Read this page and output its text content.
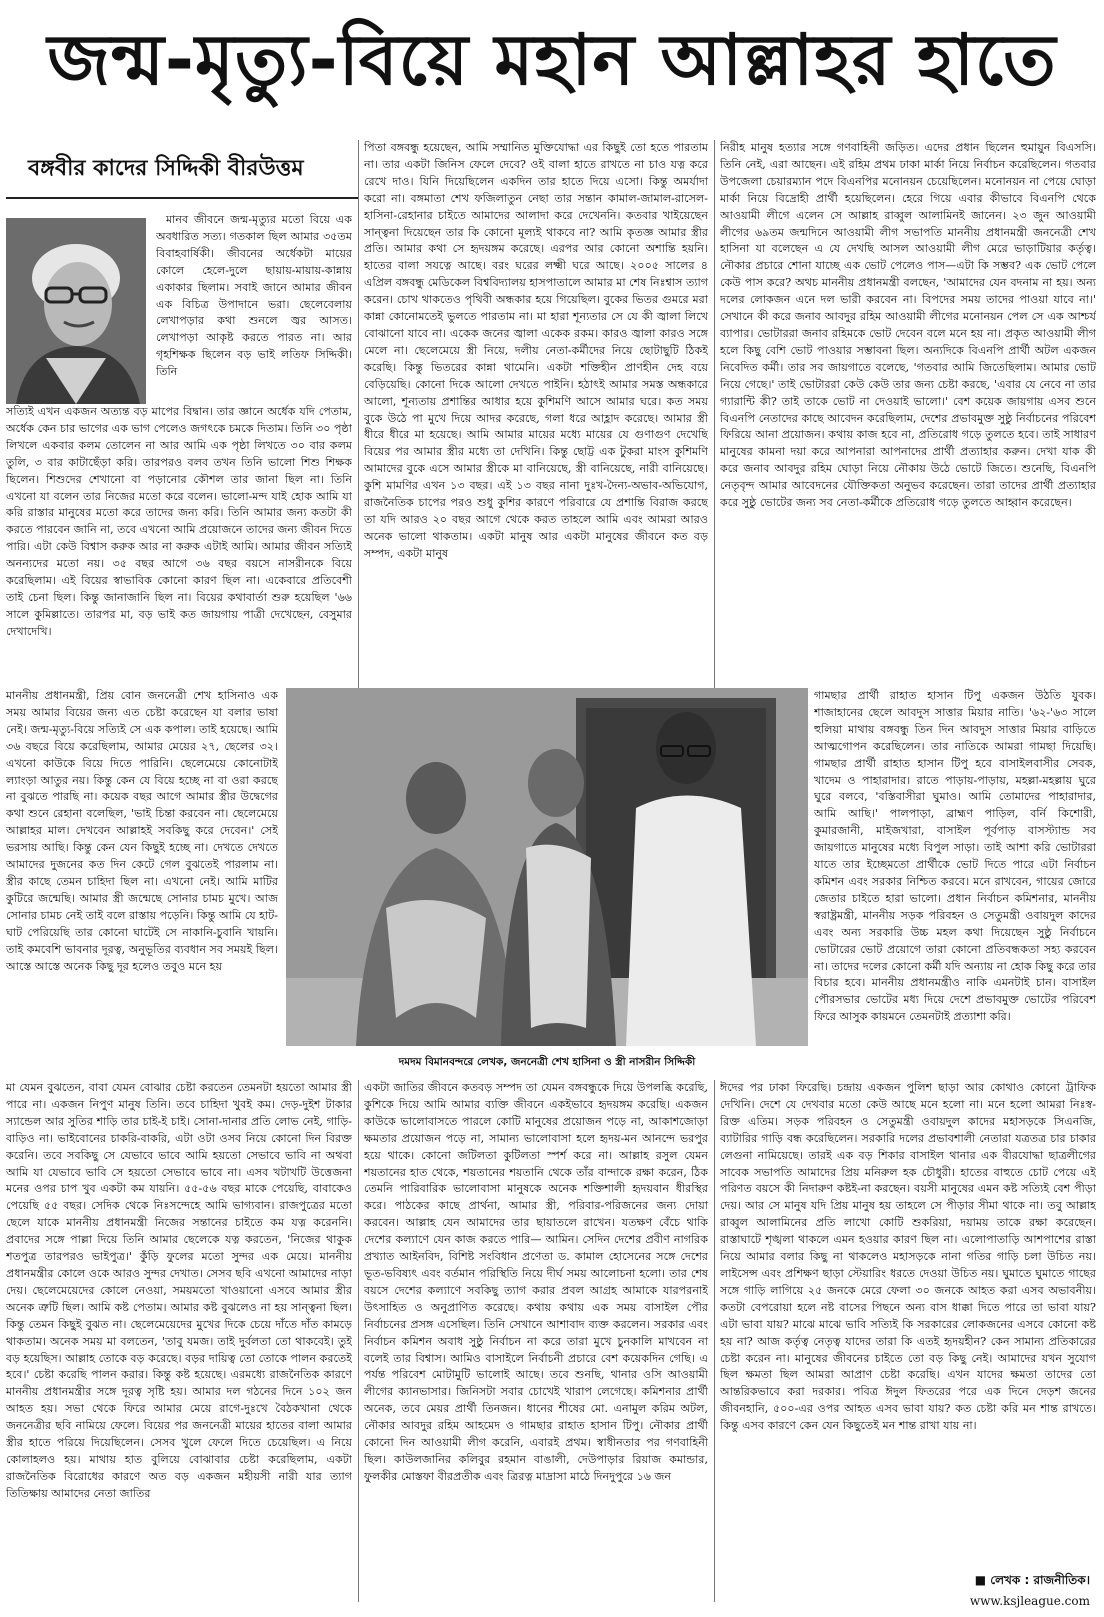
জন্ম-মৃত্যু-বিয়ে মহান আল্লাহর হাতে
বঙ্গবীর কাদের সিদ্দিকী বীরউত্তম
দমদম বিমানবন্দরে লেখক, জননেত্রী শেখ হাসিনা ও স্ত্রী নাসরীন সিদ্দিকী

মানব জীবনে জন্ম-মৃত্যুর মতো বিয়ে এক অবধারিত সত্য। গতকাল ছিল আমার ৩৫তম বিবাহবার্ষিকী। জীবনের অর্ধেকটা মায়ের কোলে হেলে-দুলে ছায়ায়-মায়ায়-কান্নায় একাকার ছিলাম। সবাই জানে আমার জীবন এক বিচিত্র উপাদানে ভরা। ছেলেবেলায় লেখাপড়ার কথা শুনলে জ্বর আসত। লেখাপড়া আকৃষ্ট করতে পারত না। আর গৃহশিক্ষক ছিলেন বড় ভাই লতিফ সিদ্দিকী। তিনি

সত্যিই এখন একজন অত্যন্ত বড় মাপের বিদ্বান। তার জ্ঞানে অর্ধেক যদি পেতাম, অর্ধেক কেন চার ভাগের এক ভাগ পেলেও জগৎকে চমকে দিতাম। তিনি ৩০ পৃষ্ঠা লিখলে একবার কলম তোলেন না আর আমি এক পৃষ্ঠা লিখতে ৩০ বার কলম তুলি, ৩ বার কাটাছেঁড়া করি। তারপরও বলব তখন তিনি ভালো শিশু শিক্ষক ছিলেন। শিশুদের শেখানো বা পড়ানোর কৌশল তার জানা ছিল না। তিনি এখনো যা বলেন তার নিজের মতো করে বলেন। ভালো-মন্দ যাই হোক আমি যা করি রাস্তার মানুষের মতো করে তাদের জন্য করি। তিনি আমার জন্য কতটা কী করতে পারবেন জানি না, তবে এখনো আমি প্রয়োজনে তাদের জন্য জীবন দিতে পারি। এটা কেউ বিশ্বাস করুক আর না করুক এটাই আমি। আমার জীবন সত্যিই অনন্যদের মতো নয়। ৩৫ বছর আগে ৩৬ বছর বয়সে নাসরীনকে বিয়ে করেছিলাম। এই বিয়ের স্বাভাবিক কোনো কারণ ছিল না। একেবারে প্রতিবেশী তাই চেনা ছিল। কিন্তু জানাজানি ছিল না। বিয়ের কথাবার্তা শুরু হয়েছিল '৬৬ সালে কুমিল্লাতে। তারপর মা, বড় ভাই কত জায়গায় পাত্রী দেখেছেন, বেসুমার দেখাদেখি।

মাননীয় প্রধানমন্ত্রী, প্রিয় বোন জননেত্রী শেখ হাসিনাও এক সময় আমার বিয়ের জন্য এত চেষ্টা করেছেন যা বলার ভাষা নেই। জন্ম-মৃত্যু-বিয়ে সত্যিই সে এক কপাল। তাই হয়েছে। আমি ৩৬ বছরে বিয়ে করেছিলাম, আমার মেয়ের ২৭, ছেলের ৩২। এখনো কাউকে বিয়ে দিতে পারিনি। ছেলেমেয়ে কোনোটাই ল্যাংড়া আতুর নয়। কিন্তু কেন যে বিয়ে হচ্ছে না বা ওরা করছে না বুঝতে পারছি না। কয়েক বছর আগে আমার স্ত্রীর উদ্বেগের কথা শুনে রেহানা বলেছিল, 'ভাই চিন্তা করবেন না। ছেলেমেয়ে আল্লাহর মাল। দেখবেন আল্লাহই সবকিছু করে দেবেন।' সেই ভরসায় আছি। কিন্তু কেন যেন কিছুই হচ্ছে না। দেখতে দেখতে আমাদের দুজনের কত দিন কেটে গেল বুঝতেই পারলাম না। স্ত্রীর কাছে তেমন চাহিদা ছিল না। এখনো নেই। আমি মাটির কুটিরে জন্মেছি। আমার স্ত্রী জন্মেছে সোনার চামচ মুখে। আজ সোনার চামচ নেই তাই বলে রাস্তায় পড়েনি। কিন্তু আমি যে হাট-ঘাট পেরিয়েছি তার কোনো ঘাটেই সে নাকানি-চুবানি খায়নি। তাই কমবেশি ভাবনার দূরত্ব, অনুভূতির ব্যবধান সব সময়ই ছিল। আস্তে আস্তে অনেক কিছু দূর হলেও তবুও মনে হয়

মা যেমন বুঝতেন, বাবা যেমন বোঝার চেষ্টা করতেন তেমনটা হয়তো আমার স্ত্রী পারে না। একজন নিপুণ মানুষ তিনি। তবে চাহিদা খুবই কম। দেড়-দুইশ টাকার স্যান্ডেল আর সুতির শাড়ি তার চাই-ই চাই। সোনা-দানার প্রতি লোভ নেই, গাড়ি-বাড়িও না। ভাইবোনের চাকরি-বাকরি, এটা ওটা ওসব নিয়ে কোনো দিন বিরক্ত করেনি। তবে সবকিছু সে যেভাবে ভাবে আমি হয়তো সেভাবে ভাবি না অথবা আমি যা যেভাবে ভাবি সে হয়তো সেভাবে ভাবে না। এসব খটাখটি উত্তেজনা মনের ওপর চাপ খুব একটা কম যায়নি। ৫৫-৫৬ বছর মাকে পেয়েছি, বাবাকেও পেয়েছি ৫৫ বছর। সেদিক থেকে নিঃসন্দেহে আমি ভাগ্যবান। রাজপুত্রের মতো ছেলে যাকে মাননীয় প্রধানমন্ত্রী নিজের সন্তানের চাইতে কম যত্ন করেননি। প্রবাদের সঙ্গে পাল্লা দিয়ে তিনি আমার ছেলেকে যত্ন করতেন, 'নিজের থাকুক শতপুত্র তারপরও ভাইপুত্র।' কুঁড়ি ফুলের মতো সুন্দর এক মেয়ে। মাননীয় প্রধানমন্ত্রীর কোলে ওকে আরও সুন্দর দেখাত। সেসব ছবি এখনো আমাদের নাড়া দেয়। ছেলেমেয়েদের কোলে নেওয়া, সময়মতো খাওয়ানো এসবে আমার স্ত্রীর অনেক ত্রুটি ছিল। আমি কষ্ট পেতাম। আমার কষ্ট বুঝলেও না হয় সান্ত্বনা ছিল। কিন্তু তেমন কিছুই বুঝত না। ছেলেমেয়েদের মুখের দিকে চেয়ে দাঁতে দাঁত কামড়ে থাকতাম। অনেক সময় মা বলতেন, 'তাবু যমজ। তাই দুর্বলতা তো থাকবেই। তুই বড় হয়েছিস। আল্লাহ তোকে বড় করেছে। বড়র দায়িত্ব তো তোকে পালন করতেই হবে।' চেষ্টা করেছি পালন করার। কিন্তু কষ্ট হয়েছে। এরমধ্যে রাজনৈতিক কারণে মাননীয় প্রধানমন্ত্রীর সঙ্গে দূরত্ব সৃষ্টি হয়। আমার দল গঠনের দিনে ১০২ জন আহত হয়। সভা থেকে ফিরে আমার মেয়ে রাগে-দুঃখে বৈঠকখানা থেকে জননেত্রীর ছবি নামিয়ে ফেলে। বিয়ের পর জননেত্রী মায়ের হাতের বালা আমার স্ত্রীর হাতে পরিয়ে দিয়েছিলেন। সেসব খুলে ফেলে দিতে চেয়েছিল। এ নিয়ে কোলাহলও হয়। মাথায় হাত বুলিয়ে বোঝাবার চেষ্টা করেছিলাম, একটা রাজনৈতিক বিরোধের কারণে অত বড় একজন মহীয়সী নারী যার ত্যাগ তিতিক্ষায় আমাদের নেতা জাতির

পিতা বঙ্গবন্ধু হয়েছেন, আমি সম্মানিত মুক্তিযোদ্ধা এর কিছুই তো হতে পারতাম না। তার একটা জিনিস ফেলে দেবে? ওই বালা হাতে রাখতে না চাও যত্ন করে রেখে দাও। যিনি দিয়েছিলেন একদিন তার হাতে দিয়ে এসো। কিন্তু অমর্যাদা করো না। বঙ্গমাতা শেখ ফজিলাতুন নেছা তার সন্তান কামাল-জামাল-রাসেল-হাসিনা-রেহানার চাইতে আমাদের আলাদা করে দেখেননি। কতবার খাইয়েছেন সান্ত্বনা দিয়েছেন তার কি কোনো মূল্যই থাকবে না? আমি কৃতজ্ঞ আমার স্ত্রীর প্রতি। আমার কথা সে হৃদয়ঙ্গম করেছে। এরপর আর কোনো অশান্তি হয়নি। হাতের বালা সযত্নে আছে। বরং ঘরের লক্ষ্মী ঘরে আছে। ২০০৫ সালের ৪ এপ্রিল বঙ্গবন্ধু মেডিকেল বিশ্ববিদ্যালয় হাসপাতালে আমার মা শেষ নিঃশ্বাস ত্যাগ করেন। চোখ থাকতেও পৃথিবী অন্ধকার হয়ে গিয়েছিল। বুকের ভিতর গুমরে মরা কান্না কোনোমতেই ভুলতে পারতাম না। মা হারা শূন্যতার সে যে কী জ্বালা লিখে বোঝানো যাবে না। একেক জনের জ্বালা একেক রকম। কারও জ্বালা কারও সঙ্গে মেলে না। ছেলেমেয়ে স্ত্রী নিয়ে, দলীয় নেতা-কর্মীদের নিয়ে ছোটাছুটি ঠিকই করেছি। কিন্তু ভিতরের কান্না থামেনি। একটা শক্তিহীন প্রাণহীন দেহ বয়ে বেড়িয়েছি। কোনো দিকে আলো দেখতে পাইনি। হঠাৎই আমার সমস্ত অন্ধকারে আলো, শূন্যতায় প্রশান্তির আধার হয়ে কুশিমণি আসে আমার ঘরে। কত সময় বুকে উঠে পা মুখে দিয়ে আদর করেছে, গলা ধরে আহ্লাদ করেছে। আমার স্ত্রী ধীরে ধীরে মা হয়েছে। আমি আমার মায়ের মধ্যে মায়ের যে গুণাগুণ দেখেছি বিয়ের পর আমার স্ত্রীর মধ্যে তা দেখিনি। কিন্তু ছোট্ট এক টুকরা মাংস কুশিমণি আমাদের বুকে এসে আমার স্ত্রীকে মা বানিয়েছে, স্ত্রী বানিয়েছে, নারী বানিয়েছে। কুশি মামণির এখন ১৩ বছর। এই ১৩ বছর নানা দুঃখ-দৈন্য-অভাব-অভিযোগ, রাজনৈতিক চাপের পরও শুধু কুশির কারণে পরিবারে যে প্রশান্তি বিরাজ করছে তা যদি আরও ২০ বছর আগে থেকে করত তাহলে আমি এবং আমরা আরও অনেক ভালো থাকতাম। একটা মানুষ আর একটা মানুষের জীবনে কত বড় সম্পদ, একটা মানুষ

একটা জাতির জীবনে কতবড় সম্পদ তা যেমন বঙ্গবন্ধুকে দিয়ে উপলব্ধি করেছি, কুশিকে দিয়ে আমি আমার ব্যক্তি জীবনে একইভাবে হৃদয়ঙ্গম করেছি। একজন কাউকে ভালোবাসতে পারলে কোটি মানুষের প্রয়োজন পড়ে না, আকাশজোড়া ক্ষমতার প্রয়োজন পড়ে না, সামান্য ভালোবাসা হলে হৃদয়-মন আনন্দে ভরপুর হয়ে থাকে। কোনো জটিলতা কুটিলতা স্পর্শ করে না। আল্লাহ রসুল যেমন শয়তানের হাত থেকে, শয়তানের শয়তানি থেকে তাঁর বান্দাকে রক্ষা করেন, ঠিক তেমনি পারিবারিক ভালোবাসা মানুষকে অনেক শক্তিশালী হৃদয়বান ধীরস্থির করে। পাঠকের কাছে প্রার্থনা, আমার স্ত্রী, পরিবার-পরিজনের জন্য দোয়া করবেন। আল্লাহ যেন আমাদের তার ছায়াতলে রাখেন। যতক্ষণ বেঁচে থাকি দেশের কল্যাণে যেন কাজ করতে পারি— আমিন। সেদিন দেশের প্রবীণ নাগরিক প্রখ্যাত আইনবিদ, বিশিষ্ট সংবিধান প্রণেতা ড. কামাল হোসেনের সঙ্গে দেশের ভূত-ভবিষ্যৎ এবং বর্তমান পরিস্থিতি নিয়ে দীর্ঘ সময় আলোচনা হলো। তার শেষ বয়সে দেশের কল্যাণে সবকিছু ত্যাগ করার প্রবল আগ্রহ আমাকে যারপরনাই উৎসাহিত ও অনুপ্রাণিত করেছে। কথায় কথায় এক সময় বাসাইল পৌর নির্বাচনের প্রসঙ্গ এসেছিল। তিনি সেখানে আশাবাদ ব্যক্ত করলেন। সরকার এবং নির্বাচন কমিশন অবাধ সুষ্ঠু নির্বাচন না করে তারা মুখে চুনকালি মাখবেন না বলেই তার বিশ্বাস। আমিও বাসাইলে নির্বাচনী প্রচারে বেশ কয়েকদিন গেছি। এ পর্যন্ত পরিবেশ মোটামুটি ভালোই আছে। তবে শুনছি, থানার ওসি আওয়ামী লীগের ক্যানভাসার। জিনিসটা সবার চোখেই খারাপ লেগেছে। কমিশনার প্রার্থী অনেক, তবে মেয়র প্রার্থী তিনজন। ধানের শীষের মো. এনামুল করিম অটল, নৌকার আবদুর রহিম আহমেদ ও গামছার রাহাত হাসান টিপু। নৌকার প্রার্থী কোনো দিন আওয়ামী লীগ করেনি, এবারই প্রথম। স্বাধীনতার পর গণবাহিনী ছিল। কাউলজানির কলিবুর রহমান বাঙালী, দেউপাড়ার রিয়াজ কমান্ডার, ফুলকীর মোস্তফা বীরপ্রতীক এবং ত্রিরত্ন মাদ্রাসা মাঠে দিনদুপুরে ১৬ জন

নিরীহ মানুষ হত্যার সঙ্গে গণবাহিনী জড়িত। এদের প্রধান ছিলেন হুমায়ুন বিএসসি। তিনি নেই, এরা আছেন। এই রহিম প্রথম ঢাকা মার্কা নিয়ে নির্বাচন করেছিলেন। গতবার উপজেলা চেয়ারম্যান পদে বিএনপির মনোনয়ন চেয়েছিলেন। মনোনয়ন না পেয়ে ঘোড়া মার্কা নিয়ে বিদ্রোহী প্রার্থী হয়েছিলেন। হেরে গিয়ে এবার কীভাবে বিএনপি থেকে আওয়ামী লীগে এলেন সে আল্লাহ রাব্বুল আলামিনই জানেন। ২৩ জুন আওয়ামী লীগের ৬৯তম জন্মদিনে আওয়ামী লীগ সভাপতি মাননীয় প্রধানমন্ত্রী জননেত্রী শেখ হাসিনা যা বলেছেন এ যে দেখছি আসল আওয়ামী লীগ মেরে ভাড়াটিয়ার কর্তৃত্ব। নৌকার প্রচারে শোনা যাচ্ছে এক ভোট পেলেও পাস—এটা কি সম্ভব? এক ভোট পেলে কেউ পাস করে? অথচ মাননীয় প্রধানমন্ত্রী বলছেন, 'আমাদের যেন বদনাম না হয়। অন্য দলের লোকজন এনে দল ভারী করবেন না। বিপদের সময় তাদের পাওয়া যাবে না।' সেখানে কী করে জনাব আবদুর রহিম আওয়ামী লীগের মনোনয়ন পেল সে এক আশ্চর্য ব্যাপার। ভোটাররা জনাব রহিমকে ভোট দেবেন বলে মনে হয় না। প্রকৃত আওয়ামী লীগ হলে কিছু বেশি ভোট পাওয়ার সম্ভাবনা ছিল। অন্যদিকে বিএনপি প্রার্থী অটল একজন নিবেদিত কর্মী। তার সব জায়গাতে বলেছে, 'গতবার আমি জিতেছিলাম। আমার ভোট নিয়ে গেছে।' তাই ভোটাররা কেউ কেউ তার জন্য চেষ্টা করছে, 'এবার যে নেবে না তার গ্যারান্টি কী? তাই তাকে ভোট না দেওয়াই ভালো।' বেশ কয়েক জায়গায় এসব শুনে বিএনপি নেতাদের কাছে আবেদন করেছিলাম, দেশের প্রভাবমুক্ত সুষ্ঠু নির্বাচনের পরিবেশ ফিরিয়ে আনা প্রয়োজন। কথায় কাজ হবে না, প্রতিরোধ গড়ে তুলতে হবে। তাই সাধারণ মানুষের কামনা দয়া করে আপনারা আপনাদের প্রার্থী প্রত্যাহার করুন। দেখা যাক কী করে জনাব আবদুর রহিম ঘোড়া নিয়ে নৌকায় উঠে ভোটে জিতে। শুনেছি, বিএনপি নেতৃবৃন্দ আমার আবেদনের যৌক্তিকতা অনুভব করেছেন। তারা তাদের প্রার্থী প্রত্যাহার করে সুষ্ঠু ভোটের জন্য সব নেতা-কর্মীকে প্রতিরোধ গড়ে তুলতে আহ্বান করেছেন।

গামছার প্রার্থী রাহাত হাসান টিপু একজন উঠতি যুবক। শাজাহানের ছেলে আবদুস সাত্তার মিয়ার নাতি। '৬২-'৬৩ সালে হুলিয়া মাথায় বঙ্গবন্ধু তিন দিন আবদুস সাত্তার মিয়ার বাড়িতে আত্মগোপন করেছিলেন। তার নাতিকে আমরা গামছা দিয়েছি। গামছার প্রার্থী রাহাত হাসান টিপু হবে বাসাইলবাসীর সেবক, খাদেম ও পাহারাদার। রাতে পাড়ায়-পাড়ায়, মহল্লা-মহল্লায় ঘুরে ঘুরে বলবে, 'বস্তিবাসীরা ঘুমাও। আমি তোমাদের পাহারাদার, আমি আছি।' পালপাড়া, ব্রাহ্মণ পাড়িল, বর্নি কিশোরী, কুমারজানী, মাইজখারা, বাসাইল পূর্বপাড় বাসস্ট্যান্ড সব জায়গাতে মানুষের মধ্যে বিপুল সাড়া। তাই আশা করি ভোটাররা যাতে তার ইচ্ছেমতো প্রার্থীকে ভোট দিতে পারে এটা নির্বাচন কমিশন এবং সরকার নিশ্চিত করবে। মনে রাখবেন, গায়ের জোরে জেতার চাইতে হারা ভালো। প্রধান নির্বাচন কমিশনার, মাননীয় স্বরাষ্ট্রমন্ত্রী, মাননীয় সড়ক পরিবহন ও সেতুমন্ত্রী ওবায়দুল কাদের এবং অন্য সরকারি উচ্চ মহল কথা দিয়েছেন সুষ্ঠু নির্বাচনে ভোটারের ভোট প্রয়োগে তারা কোনো প্রতিবন্ধকতা সহ্য করবেন না। তাদের দলের কোনো কর্মী যদি অন্যায় না হোক কিছু করে তার বিচার হবে। মাননীয় প্রধানমন্ত্রীও নাকি এমনটাই চান। বাসাইল পৌরসভার ভোটের মধ্য দিয়ে দেশে প্রভাবমুক্ত ভোটের পরিবেশ ফিরে আসুক কায়মনে তেমনটাই প্রত্যাশা করি।

ঈদের পর ঢাকা ফিরেছি। চন্দ্রায় একজন পুলিশ ছাড়া আর কোথাও কোনো ট্রাফিক দেখিনি। দেশে যে দেখবার মতো কেউ আছে মনে হলো না। মনে হলো আমরা নিঃস্ব-রিক্ত এতিম। সড়ক পরিবহন ও সেতুমন্ত্রী ওবায়দুল কাদের মহাসড়কে সিএনজি, ব্যাটারির গাড়ি বন্ধ করেছিলেন। সরকারি দলের প্রভাবশালী নেতারা যত্রতত্র চার চাকার লেগুনা নামিয়েছে। তারই এক বড় শিকার বাসাইল থানার এক বীরযোদ্ধা ছাত্রলীগের সাবেক সভাপতি আমাদের প্রিয় মনিরুল হক চৌধুরী। হাতের বাহুতে চোট পেয়ে এই পরিণত বয়সে কী নিদারুণ কষ্টই-না করছেন। বয়সী মানুষের এমন কষ্ট সত্যিই বেশ পীড়া দেয়। আর সে মানুষ যদি প্রিয় মানুষ হয় তাহলে সে পীড়ার সীমা থাকে না। তবু আল্লাহ রাব্বুল আলামিনের প্রতি লাখো কোটি শুকরিয়া, দয়াময় তাকে রক্ষা করেছেন। রাস্তাঘাটে শৃঙ্খলা থাকলে এমন হওয়ার কারণ ছিল না। এলোপাতাড়ি আশপাশের রাস্তা নিয়ে আমার বলার কিছু না থাকলেও মহাসড়কে নানা গতির গাড়ি চলা উচিত নয়। লাইসেন্স এবং প্রশিক্ষণ ছাড়া স্টেয়ারিং ধরতে দেওয়া উচিত নয়। ঘুমাতে ঘুমাতে গাছের সঙ্গে গাড়ি লাগিয়ে ২৫ জনকে মেরে ফেলা ৩০ জনকে আহত করা এসব অভাবনীয়। কতটা বেপরোয়া হলে নষ্ট বাসের পিছনে অন্য বাস ধাক্কা দিতে পারে তা ভাবা যায়? এটা ভাবা যায়? মাঝে মাঝে ভাবি সত্যিই কি সরকারের লোকজনের এসবে কোনো কষ্ট হয় না? আজ কর্তৃত্ব নেতৃত্ব যাদের তারা কি এতই হৃদয়হীন? কেন সামান্য প্রতিকারের চেষ্টা করেন না। মানুষের জীবনের চাইতে তো বড় কিছু নেই। আমাদের যখন সুযোগ ছিল ক্ষমতা ছিল আমরা আপ্রাণ চেষ্টা করেছি। এখন যাদের ক্ষমতা তাদের তো আন্তরিকভাবে করা দরকার। পবিত্র ঈদুল ফিতরের পরে এক দিনে দেড়শ জনের জীবনহানি, ৫০০-এর ওপর আহত এসব ভাবা যায়? কত চেষ্টা করি মন শান্ত রাখতে। কিন্তু এসব কারণে কেন যেন কিছুতেই মন শান্ত রাখা যায় না।

■ লেখক : রাজনীতিক।
www.ksjleague.com
